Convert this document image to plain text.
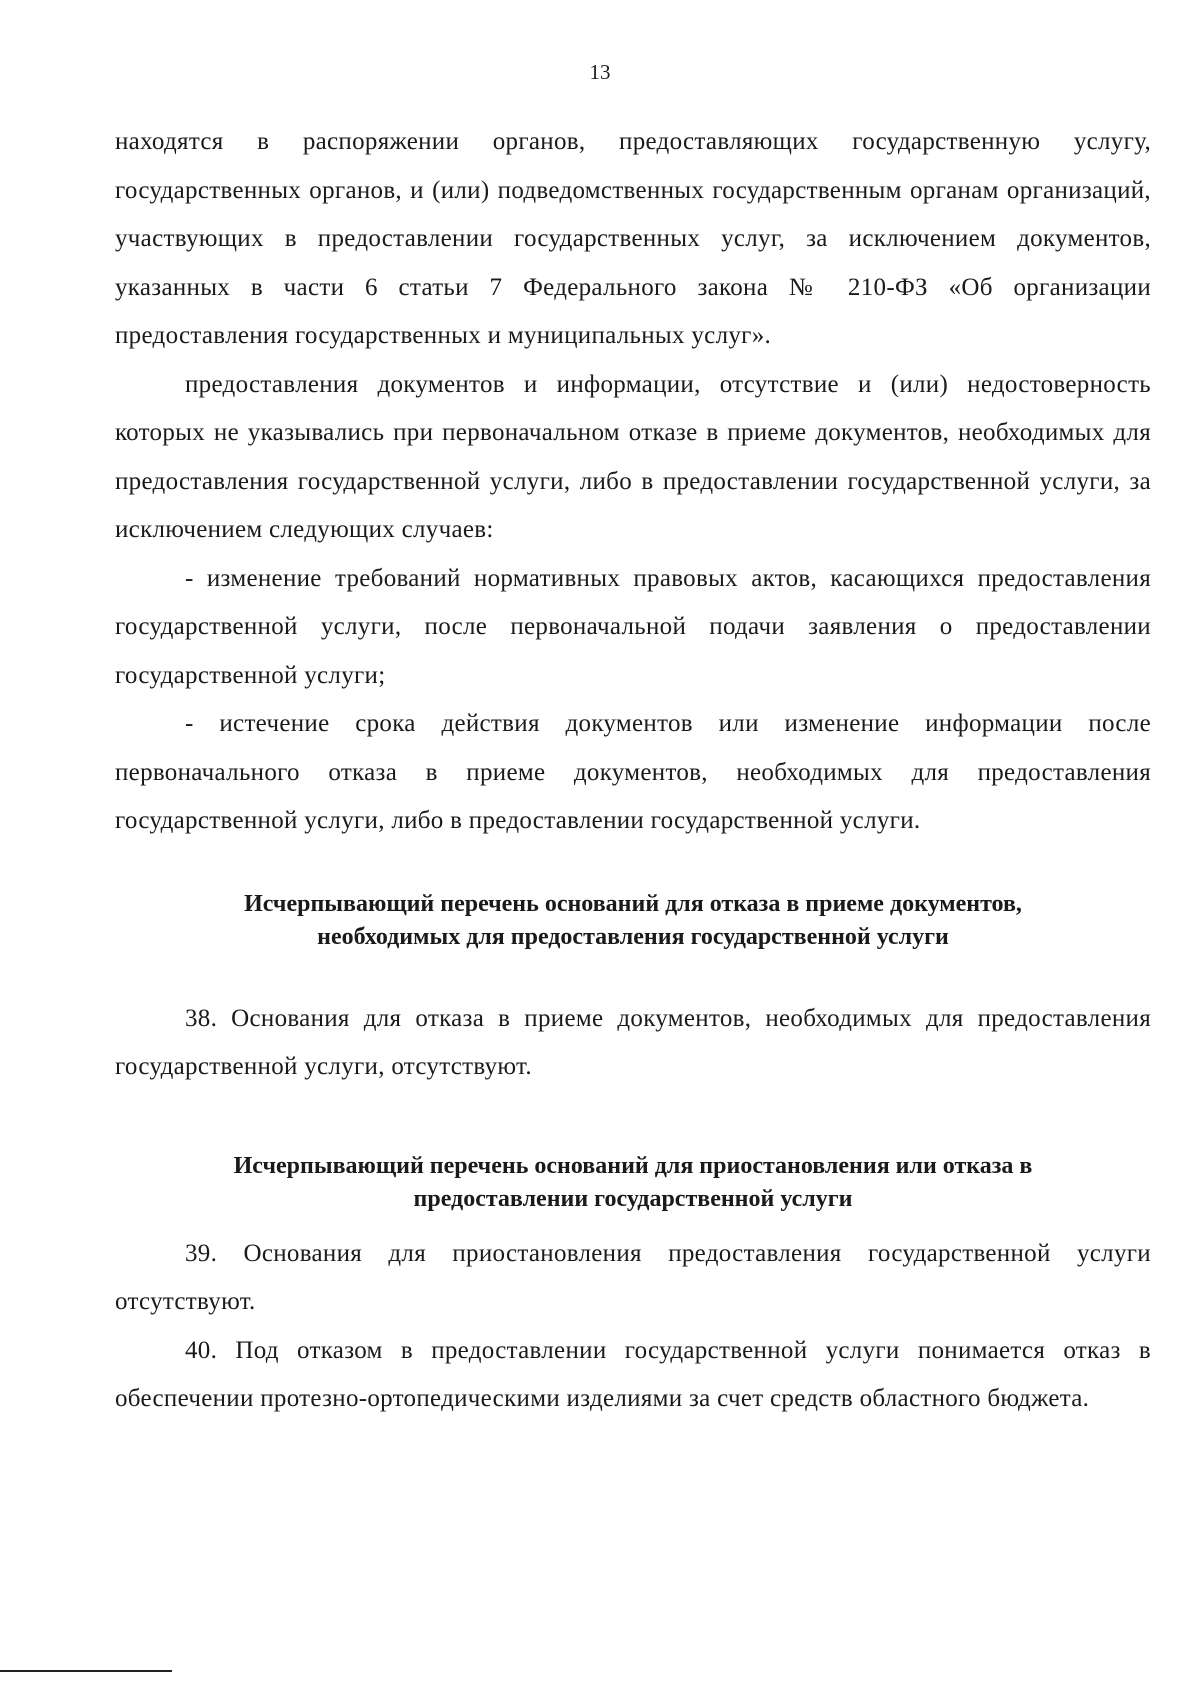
13

находятся в распоряжении органов, предоставляющих государственную услугу, государственных органов, и (или) подведомственных государственным органам организаций, участвующих в предоставлении государственных услуг, за исключением документов, указанных в части 6 статьи 7 Федерального закона № 210-ФЗ «Об организации предоставления государственных и муниципальных услуг».

предоставления документов и информации, отсутствие и (или) недостоверность которых не указывались при первоначальном отказе в приеме документов, необходимых для предоставления государственной услуги, либо в предоставлении государственной услуги, за исключением следующих случаев:

- изменение требований нормативных правовых актов, касающихся предоставления государственной услуги, после первоначальной подачи заявления о предоставлении государственной услуги;

- истечение срока действия документов или изменение информации после первоначального отказа в приеме документов, необходимых для предоставления государственной услуги, либо в предоставлении государственной услуги.

Исчерпывающий перечень оснований для отказа в приеме документов,
необходимых для предоставления государственной услуги

38. Основания для отказа в приеме документов, необходимых для предоставления государственной услуги, отсутствуют.

Исчерпывающий перечень оснований для приостановления или отказа в
предоставлении государственной услуги

39. Основания для приостановления предоставления государственной услуги отсутствуют.

40. Под отказом в предоставлении государственной услуги понимается отказ в обеспечении протезно-ортопедическими изделиями за счет средств областного бюджета.
